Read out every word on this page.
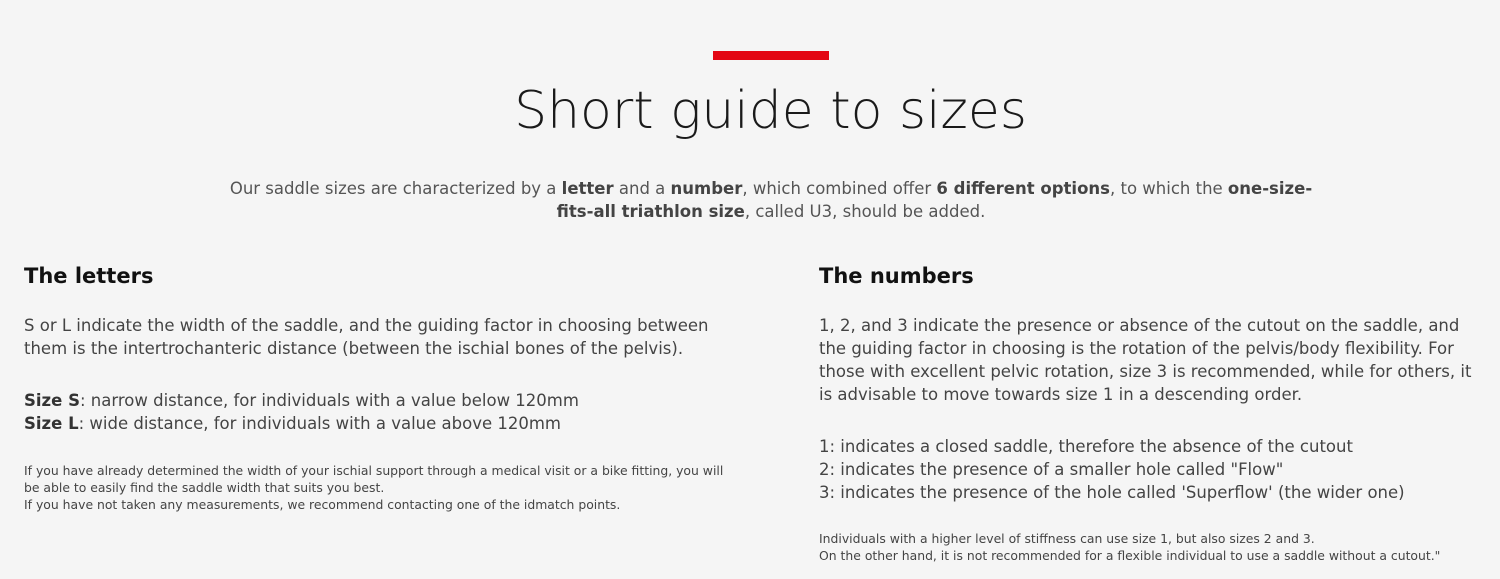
Short guide to sizes

Our saddle sizes are characterized by a letter and a number, which combined offer 6 different options, to which the one-size-fits-all triathlon size, called U3, should be added.

The letters

S or L indicate the width of the saddle, and the guiding factor in choosing between them is the intertrochanteric distance (between the ischial bones of the pelvis).

Size S: narrow distance, for individuals with a value below 120mm
Size L: wide distance, for individuals with a value above 120mm

If you have already determined the width of your ischial support through a medical visit or a bike fitting, you will be able to easily find the saddle width that suits you best.
If you have not taken any measurements, we recommend contacting one of the idmatch points.

The numbers

1, 2, and 3 indicate the presence or absence of the cutout on the saddle, and the guiding factor in choosing is the rotation of the pelvis/body flexibility. For those with excellent pelvic rotation, size 3 is recommended, while for others, it is advisable to move towards size 1 in a descending order.

1: indicates a closed saddle, therefore the absence of the cutout
2: indicates the presence of a smaller hole called "Flow"
3: indicates the presence of the hole called 'Superflow' (the wider one)

Individuals with a higher level of stiffness can use size 1, but also sizes 2 and 3.
On the other hand, it is not recommended for a flexible individual to use a saddle without a cutout."
